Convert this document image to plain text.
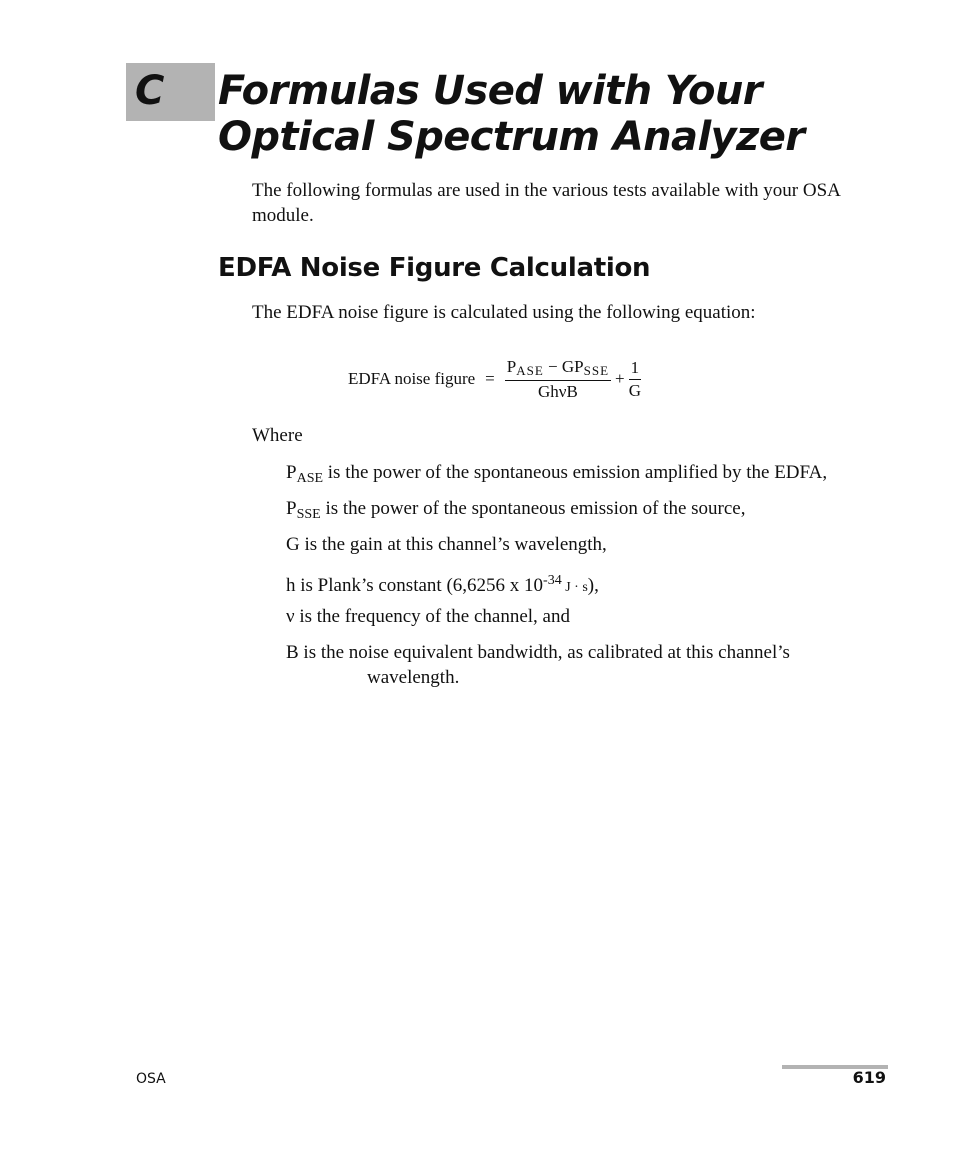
C Formulas Used with Your
Optical Spectrum Analyzer

The following formulas are used in the various tests available with your OSA module.

EDFA Noise Figure Calculation

The EDFA noise figure is calculated using the following equation:

EDFA noise figure = $\frac{P_{ASE} - GP_{SSE}}{\text{GhνB}} + \frac{1}{G}$

Where

$P_{ASE}$ is the power of the spontaneous emission amplified by the EDFA,

$P_{SSE}$ is the power of the spontaneous emission of the source,

G is the gain at this channel’s wavelength,

h is Plank’s constant (6,6256 x $10^{-34}$ J · s),

ν is the frequency of the channel, and

B is the noise equivalent bandwidth, as calibrated at this channel’s

wavelength.

OSA	619
